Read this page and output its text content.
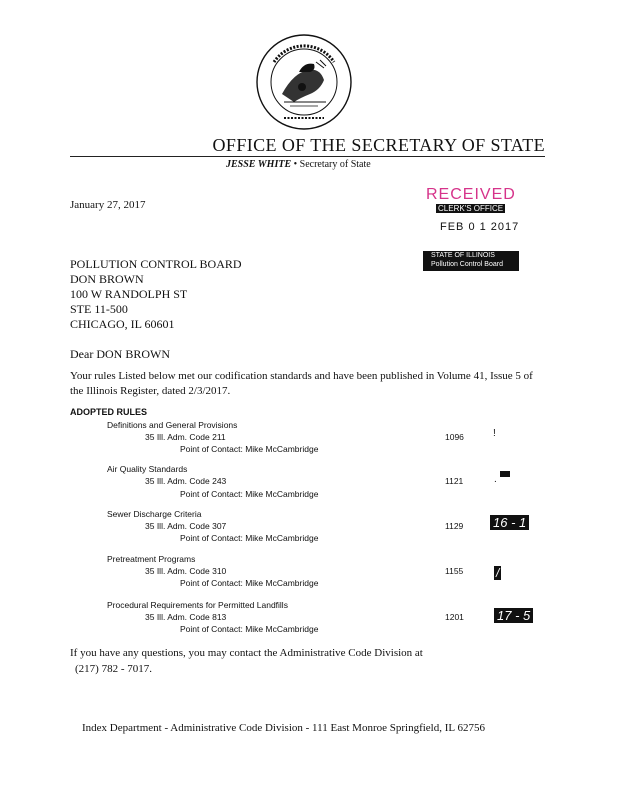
OFFICE OF THE SECRETARY OF STATE
JESSE WHITE • Secretary of State
January 27, 2017
RECEIVED
CLERK'S OFFICE
FEB 0 1 2017
STATE OF ILLINOIS
Pollution Control Board
POLLUTION CONTROL BOARD
DON BROWN
100 W RANDOLPH ST
STE 11-500
CHICAGO, IL 60601
Dear DON BROWN
Your rules Listed below met our codification standards and have been published in Volume 41, Issue 5 of the Illinois Register, dated 2/3/2017.
ADOPTED RULES
Definitions and General Provisions
35 Ill. Adm. Code 211
Point of Contact: Mike McCambridge
1096	!
Air Quality Standards
35 Ill. Adm. Code 243
Point of Contact: Mike McCambridge
1121	.
Sewer Discharge Criteria
35 Ill. Adm. Code 307
Point of Contact: Mike McCambridge
1129 16 - 1
Pretreatment Programs
35 Ill. Adm. Code 310
Point of Contact: Mike McCambridge
1155	/
Procedural Requirements for Permitted Landfills
35 Ill. Adm. Code 813
Point of Contact: Mike McCambridge
1201	17 - 5
If you have any questions, you may contact the Administrative Code Division at
(217) 782 - 7017.
Index Department - Administrative Code Division - 111 East Monroe Springfield, IL 62756
